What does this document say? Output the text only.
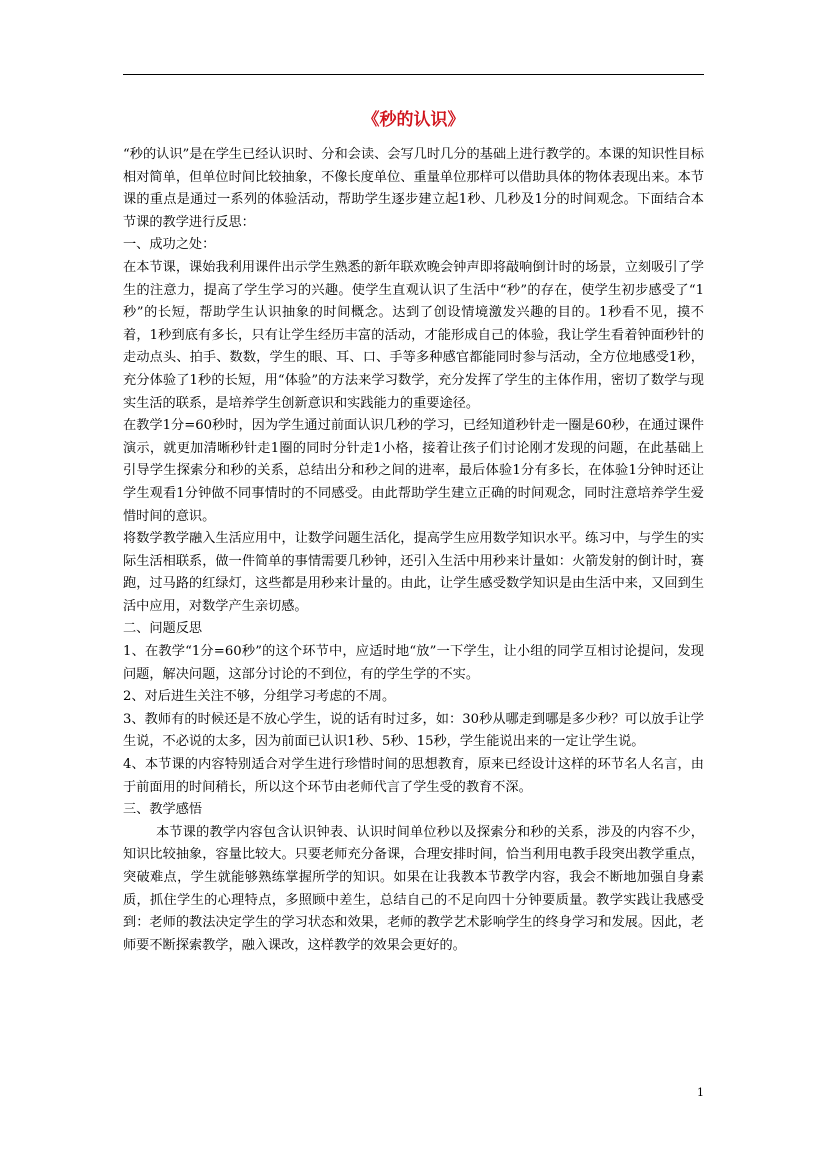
《秒的认识》

“秒的认识”是在学生已经认识时、分和会读、会写几时几分的基础上进行教学的。本课的知识性目标相对简单，但单位时间比较抽象，不像长度单位、重量单位那样可以借助具体的物体表现出来。本节课的重点是通过一系列的体验活动，帮助学生逐步建立起1秒、几秒及1分的时间观念。下面结合本节课的教学进行反思：

一、成功之处：

在本节课，课始我利用课件出示学生熟悉的新年联欢晚会钟声即将敲响倒计时的场景，立刻吸引了学生的注意力，提高了学生学习的兴趣。使学生直观认识了生活中“秒”的存在，使学生初步感受了“1秒”的长短，帮助学生认识抽象的时间概念。达到了创设情境激发兴趣的目的。1秒看不见，摸不着，1秒到底有多长，只有让学生经历丰富的活动，才能形成自己的体验，我让学生看着钟面秒针的走动点头、拍手、数数，学生的眼、耳、口、手等多种感官都能同时参与活动，全方位地感受1秒，充分体验了1秒的长短，用“体验”的方法来学习数学，充分发挥了学生的主体作用，密切了数学与现实生活的联系，是培养学生创新意识和实践能力的重要途径。

在教学1分=60秒时，因为学生通过前面认识几秒的学习，已经知道秒针走一圈是60秒，在通过课件演示，就更加清晰秒针走1圈的同时分针走1小格，接着让孩子们讨论刚才发现的问题，在此基础上引导学生探索分和秒的关系，总结出分和秒之间的进率，最后体验1分有多长，在体验1分钟时还让学生观看1分钟做不同事情时的不同感受。由此帮助学生建立正确的时间观念，同时注意培养学生爱惜时间的意识。

将数学教学融入生活应用中，让数学问题生活化，提高学生应用数学知识水平。练习中，与学生的实际生活相联系，做一件简单的事情需要几秒钟，还引入生活中用秒来计量如：火箭发射的倒计时，赛跑，过马路的红绿灯，这些都是用秒来计量的。由此，让学生感受数学知识是由生活中来，又回到生活中应用，对数学产生亲切感。

二、问题反思

1、在教学“1分=60秒”的这个环节中，应适时地“放”一下学生，让小组的同学互相讨论提问，发现问题，解决问题，这部分讨论的不到位，有的学生学的不实。

2、对后进生关注不够，分组学习考虑的不周。

3、教师有的时候还是不放心学生，说的话有时过多，如：30秒从哪走到哪是多少秒？可以放手让学生说，不必说的太多，因为前面已认识1秒、5秒、15秒，学生能说出来的一定让学生说。

4、本节课的内容特别适合对学生进行珍惜时间的思想教育，原来已经设计这样的环节名人名言，由于前面用的时间稍长，所以这个环节由老师代言了学生受的教育不深。

三、教学感悟

本节课的教学内容包含认识钟表、认识时间单位秒以及探索分和秒的关系，涉及的内容不少，知识比较抽象，容量比较大。只要老师充分备课，合理安排时间，恰当利用电教手段突出教学重点，突破难点，学生就能够熟练掌握所学的知识。如果在让我教本节教学内容，我会不断地加强自身素质，抓住学生的心理特点，多照顾中差生，总结自己的不足向四十分钟要质量。教学实践让我感受到：老师的教法决定学生的学习状态和效果，老师的教学艺术影响学生的终身学习和发展。因此，老师要不断探索教学，融入课改，这样教学的效果会更好的。

1
